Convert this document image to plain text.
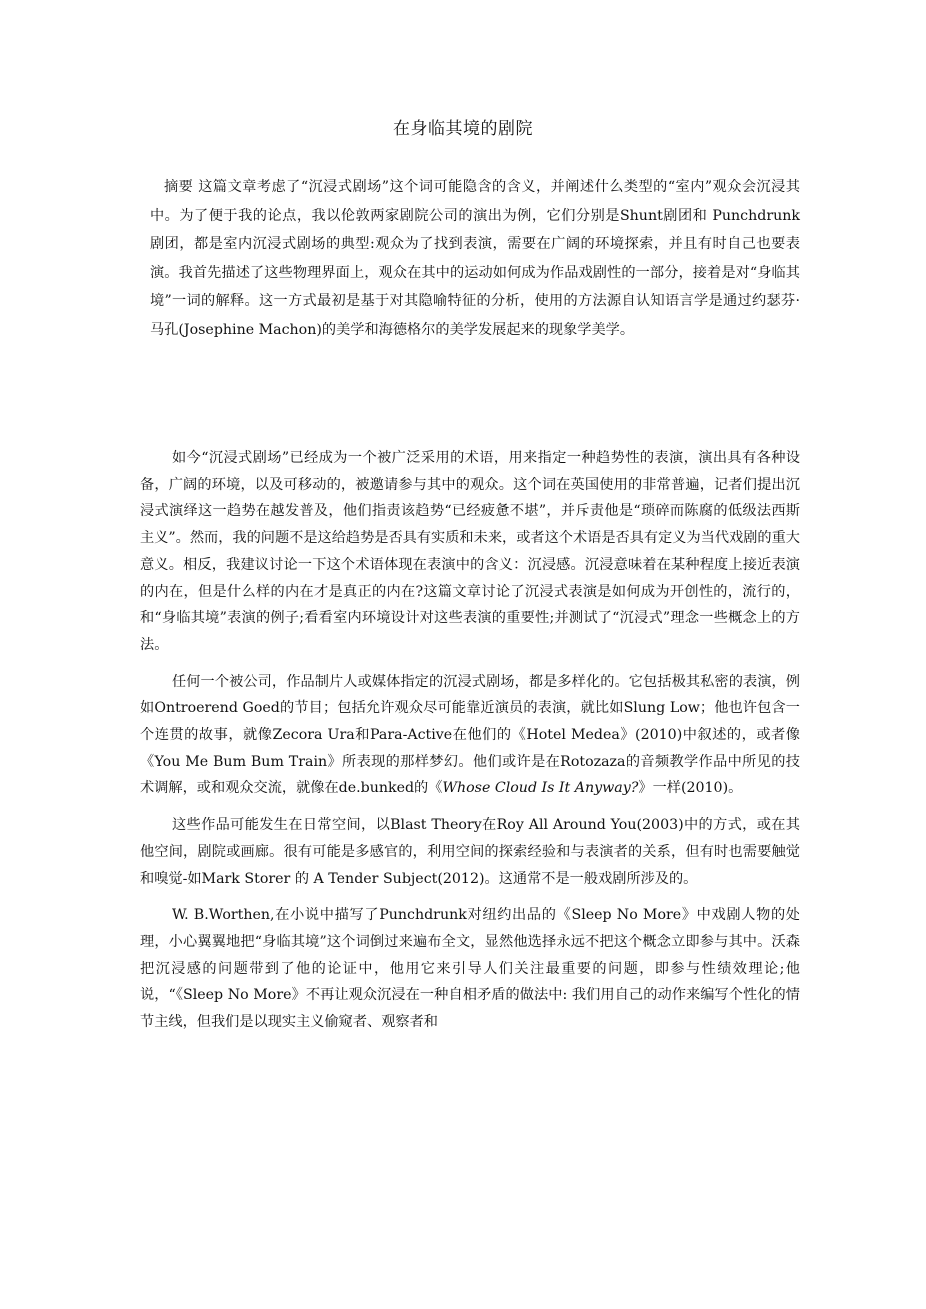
在身临其境的剧院

摘要 这篇文章考虑了“沉浸式剧场”这个词可能隐含的含义，并阐述什么类型的“室内”观众会沉浸其中。为了便于我的论点，我以伦敦两家剧院公司的演出为例，它们分别是Shunt剧团和 Punchdrunk 剧团，都是室内沉浸式剧场的典型:观众为了找到表演，需要在广阔的环境探索，并且有时自己也要表演。我首先描述了这些物理界面上，观众在其中的运动如何成为作品戏剧性的一部分，接着是对“身临其境”一词的解释。这一方式最初是基于对其隐喻特征的分析，使用的方法源自认知语言学是通过约瑟芬·马孔(Josephine Machon)的美学和海德格尔的美学发展起来的现象学美学。

如今“沉浸式剧场”已经成为一个被广泛采用的术语，用来指定一种趋势性的表演，演出具有各种设备，广阔的环境，以及可移动的，被邀请参与其中的观众。这个词在英国使用的非常普遍，记者们提出沉浸式演绎这一趋势在越发普及，他们指责该趋势“已经疲惫不堪”，并斥责他是“琐碎而陈腐的低级法西斯主义”。然而，我的问题不是这给趋势是否具有实质和未来，或者这个术语是否具有定义为当代戏剧的重大意义。相反，我建议讨论一下这个术语体现在表演中的含义：沉浸感。沉浸意味着在某种程度上接近表演的内在，但是什么样的内在才是真正的内在?这篇文章讨论了沉浸式表演是如何成为开创性的，流行的，和“身临其境”表演的例子;看看室内环境设计对这些表演的重要性;并测试了“沉浸式”理念一些概念上的方法。

任何一个被公司，作品制片人或媒体指定的沉浸式剧场，都是多样化的。它包括极其私密的表演，例如Ontroerend Goed的节目；包括允许观众尽可能靠近演员的表演，就比如Slung Low；他也许包含一个连贯的故事，就像Zecora Ura和Para-Active在他们的《Hotel Medea》(2010)中叙述的，或者像《You Me Bum Bum Train》所表现的那样梦幻。他们或许是在Rotozaza的音频教学作品中所见的技术调解，或和观众交流，就像在de.bunked的《Whose Cloud Is It Anyway?》一样(2010)。

这些作品可能发生在日常空间，以Blast Theory在Roy All Around You(2003)中的方式，或在其他空间，剧院或画廊。很有可能是多感官的，利用空间的探索经验和与表演者的关系，但有时也需要触觉和嗅觉-如Mark Storer 的 A Tender Subject(2012)。这通常不是一般戏剧所涉及的。

W. B.Worthen,在小说中描写了Punchdrunk对纽约出品的《Sleep No More》中戏剧人物的处理，小心翼翼地把“身临其境”这个词倒过来遍布全文，显然他选择永远不把这个概念立即参与其中。沃森把沉浸感的问题带到了他的论证中，他用它来引导人们关注最重要的问题，即参与性绩效理论;他说，“《Sleep No More》不再让观众沉浸在一种自相矛盾的做法中: 我们用自己的动作来编写个性化的情节主线，但我们是以现实主义偷窥者、观察者和
